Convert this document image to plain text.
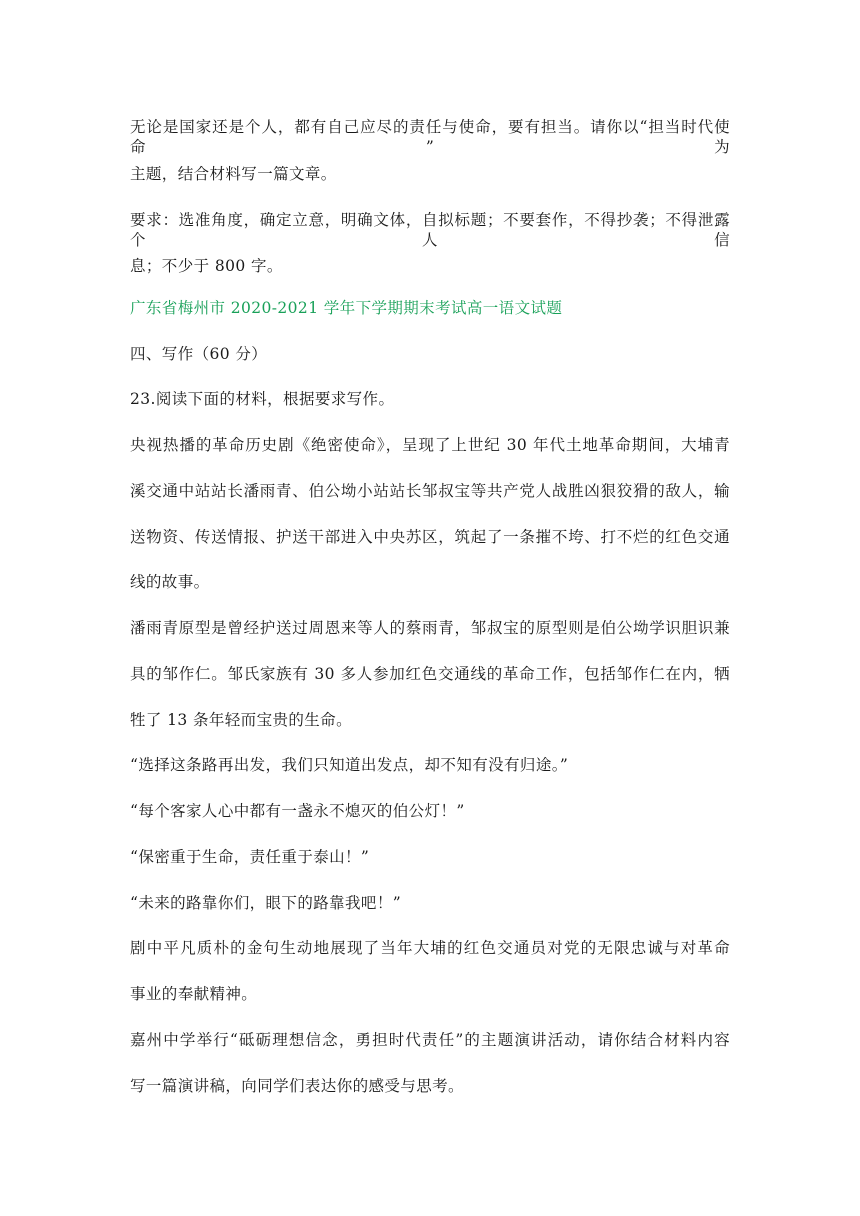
无论是国家还是个人，都有自己应尽的责任与使命，要有担当。请你以“担当时代使命”为
主题，结合材料写一篇文章。
要求：选准角度，确定立意，明确文体，自拟标题；不要套作，不得抄袭；不得泄露个人信
息；不少于 800 字。
广东省梅州市 2020-2021 学年下学期期末考试高一语文试题
四、写作（60 分）
23.阅读下面的材料，根据要求写作。
央视热播的革命历史剧《绝密使命》，呈现了上世纪 30 年代土地革命期间，大埔青
溪交通中站站长潘雨青、伯公坳小站站长邹叔宝等共产党人战胜凶狠狡猾的敌人，输
送物资、传送情报、护送干部进入中央苏区，筑起了一条摧不垮、打不烂的红色交通
线的故事。
潘雨青原型是曾经护送过周恩来等人的蔡雨青，邹叔宝的原型则是伯公坳学识胆识兼
具的邹作仁。邹氏家族有 30 多人参加红色交通线的革命工作，包括邹作仁在内，牺
牲了 13 条年轻而宝贵的生命。
“选择这条路再出发，我们只知道出发点，却不知有没有归途。”
“每个客家人心中都有一盏永不熄灭的伯公灯！”
“保密重于生命，责任重于泰山！”
“未来的路靠你们，眼下的路靠我吧！”
剧中平凡质朴的金句生动地展现了当年大埔的红色交通员对党的无限忠诚与对革命
事业的奉献精神。
嘉州中学举行“砥砺理想信念，勇担时代责任”的主题演讲活动，请你结合材料内容
写一篇演讲稿，向同学们表达你的感受与思考。
